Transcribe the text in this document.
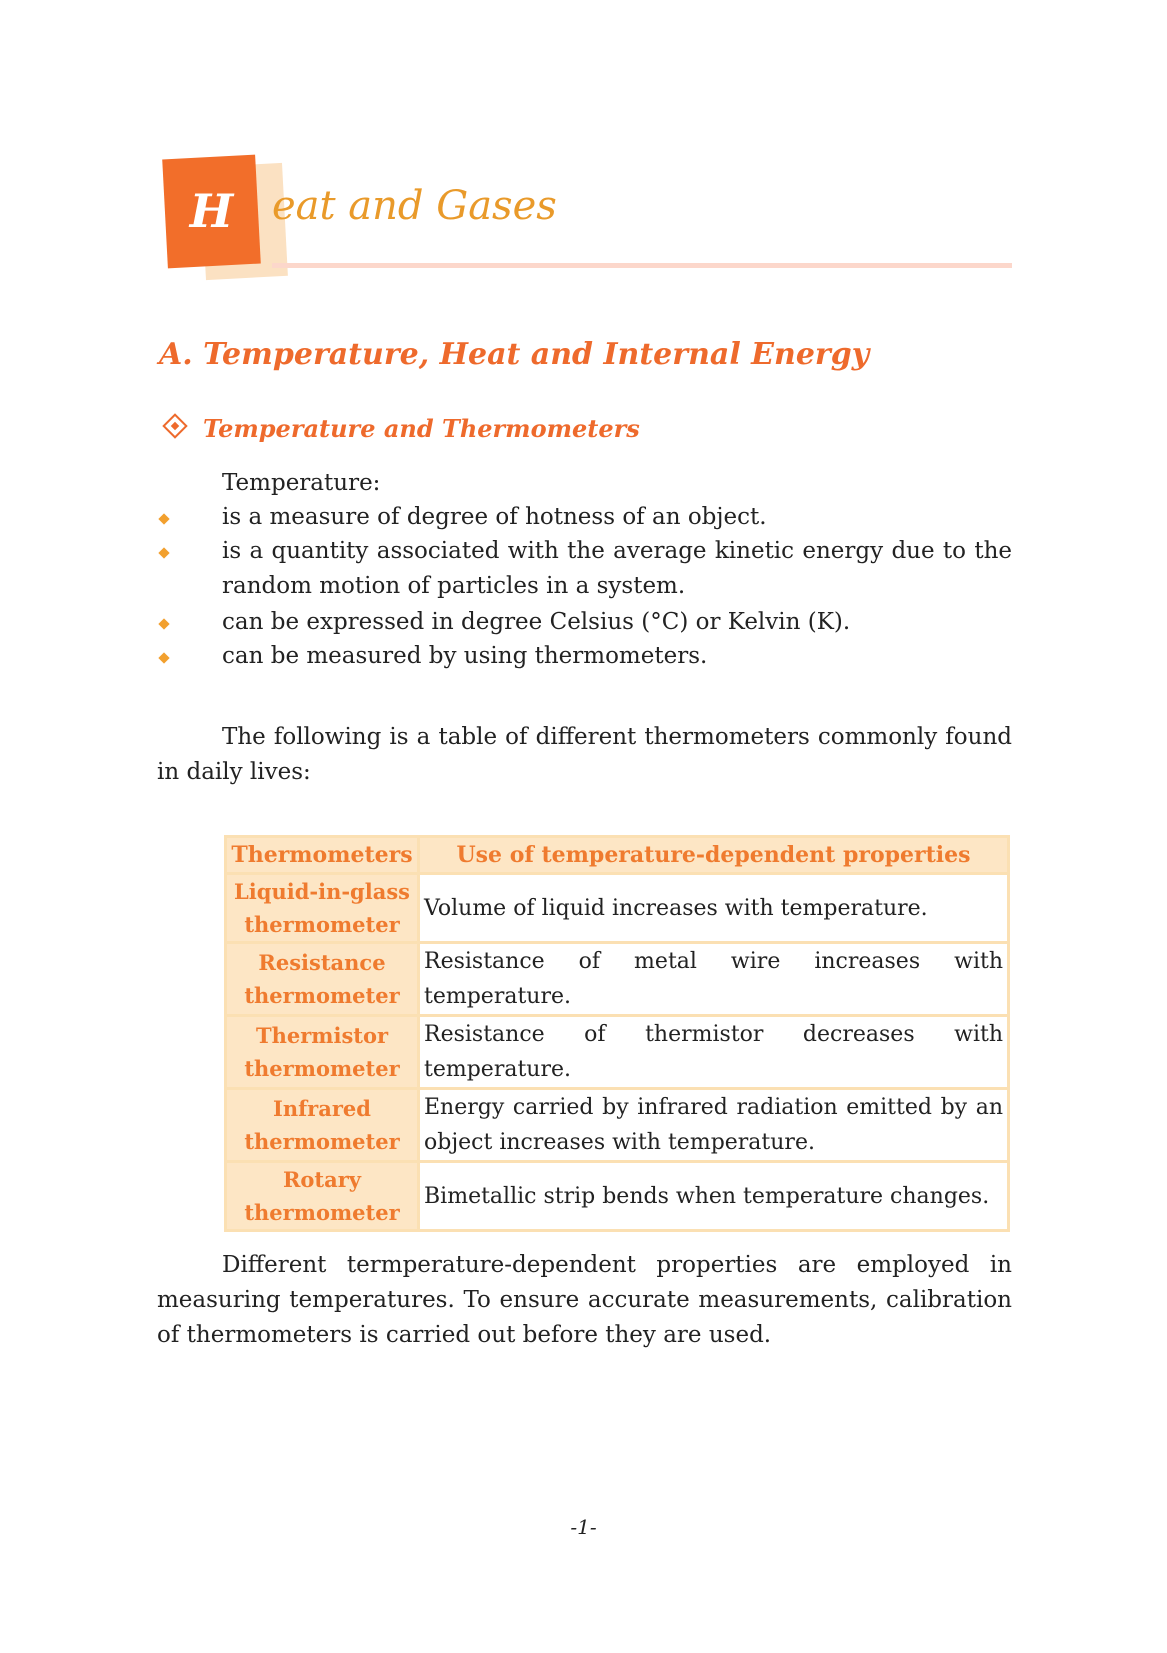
H eat and Gases
A. Temperature, Heat and Internal Energy
Temperature and Thermometers
Temperature:
is a measure of degree of hotness of an object.
is a quantity associated with the average kinetic energy due to the random motion of particles in a system.
can be expressed in degree Celsius (°C) or Kelvin (K).
can be measured by using thermometers.
The following is a table of different thermometers commonly found in daily lives:
Thermometers	Use of temperature-dependent properties
Liquid-in-glass thermometer	Volume of liquid increases with temperature.
Resistance thermometer	Resistance of metal wire increases with temperature.
Thermistor thermometer	Resistance of thermistor decreases with temperature.
Infrared thermometer	Energy carried by infrared radiation emitted by an object increases with temperature.
Rotary thermometer	Bimetallic strip bends when temperature changes.
Different termperature-dependent properties are employed in measuring temperatures. To ensure accurate measurements, calibration of thermometers is carried out before they are used.
-1-
